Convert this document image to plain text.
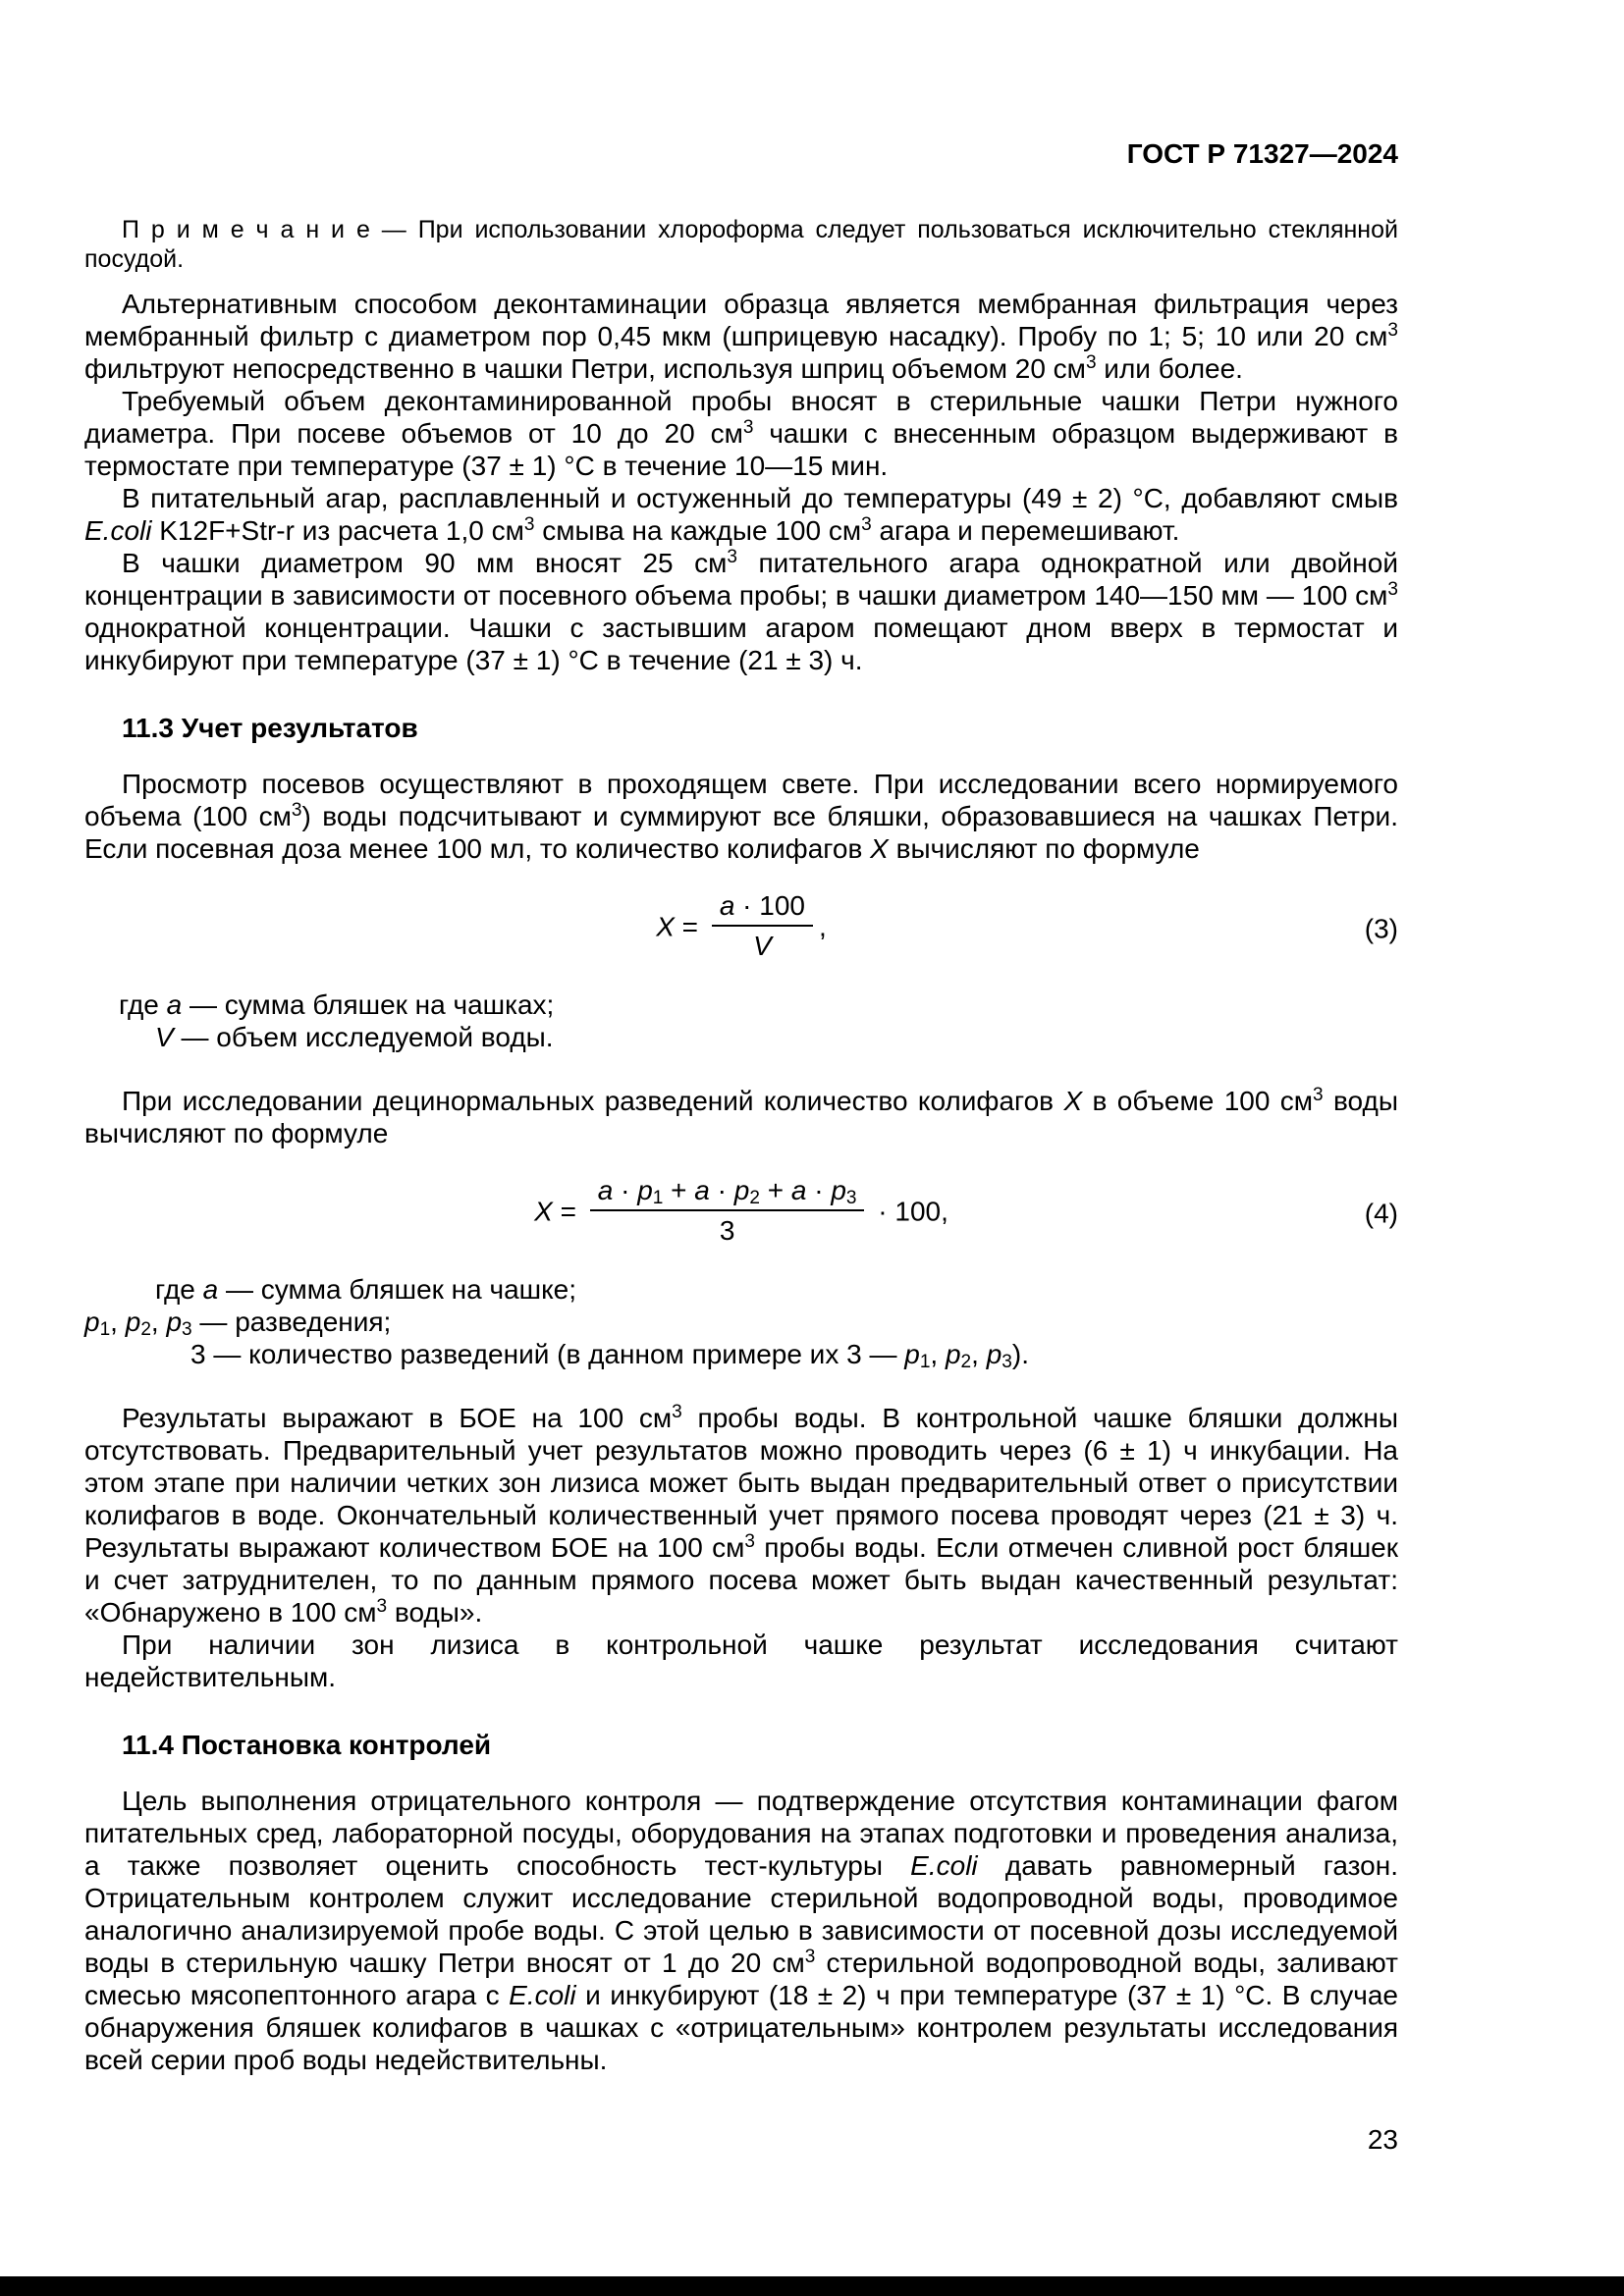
ГОСТ Р 71327—2024

П р и м е ч а н и е — При использовании хлороформа следует пользоваться исключительно стеклянной посудой.

Альтернативным способом деконтаминации образца является мембранная фильтрация через мембранный фильтр с диаметром пор 0,45 мкм (шприцевую насадку). Пробу по 1; 5; 10 или 20 $см^3$ фильтруют непосредственно в чашки Петри, используя шприц объемом 20 $см^3$ или более.

Требуемый объем деконтаминированной пробы вносят в стерильные чашки Петри нужного диаметра. При посеве объемов от 10 до 20 $см^3$ чашки с внесенным образцом выдерживают в термостате при температуре (37 ± 1) °С в течение 10—15 мин.

В питательный агар, расплавленный и остуженный до температуры (49 ± 2) °С, добавляют смыв E.coli K12F+Str-r из расчета 1,0 $см^3$ смыва на каждые 100 $см^3$ агара и перемешивают.

В чашки диаметром 90 мм вносят 25 $см^3$ питательного агара однократной или двойной концентрации в зависимости от посевного объема пробы; в чашки диаметром 140—150 мм — 100 $см^3$ однократной концентрации. Чашки с застывшим агаром помещают дном вверх в термостат и инкубируют при температуре (37 ± 1) °С в течение (21 ± 3) ч.

11.3 Учет результатов

Просмотр посевов осуществляют в проходящем свете. При исследовании всего нормируемого объема (100 $см^3$) воды подсчитывают и суммируют все бляшки, образовавшиеся на чашках Петри. Если посевная доза менее 100 мл, то количество колифагов X вычисляют по формуле

$X = \frac{a \cdot 100}{V}$ ,	(3)

где a — сумма бляшек на чашках;

V — объем исследуемой воды.

При исследовании децинормальных разведений количество колифагов X в объеме 100 $см^3$ воды вычисляют по формуле

$X = \frac{a \cdot p_1 + a \cdot p_2 + a \cdot p_3}{3} \cdot 100$,	(4)

где a — сумма бляшек на чашке;

$p_1$, $p_2$, $p_3$ — разведения;

3 — количество разведений (в данном примере их 3 — $p_1$, $p_2$, $p_3$).

Результаты выражают в БОЕ на 100 $см^3$ пробы воды. В контрольной чашке бляшки должны отсутствовать. Предварительный учет результатов можно проводить через (6 ± 1) ч инкубации. На этом этапе при наличии четких зон лизиса может быть выдан предварительный ответ о присутствии колифагов в воде. Окончательный количественный учет прямого посева проводят через (21 ± 3) ч. Результаты выражают количеством БОЕ на 100 $см^3$ пробы воды. Если отмечен сливной рост бляшек и счет затруднителен, то по данным прямого посева может быть выдан качественный результат: «Обнаружено в 100 $см^3$ воды».

При наличии зон лизиса в контрольной чашке результат исследования считают недействительным.

11.4 Постановка контролей

Цель выполнения отрицательного контроля — подтверждение отсутствия контаминации фагом питательных сред, лабораторной посуды, оборудования на этапах подготовки и проведения анализа, а также позволяет оценить способность тест-культуры E.coli давать равномерный газон. Отрицательным контролем служит исследование стерильной водопроводной воды, проводимое аналогично анализируемой пробе воды. С этой целью в зависимости от посевной дозы исследуемой воды в стерильную чашку Петри вносят от 1 до 20 $см^3$ стерильной водопроводной воды, заливают смесью мясопептонного агара с E.coli и инкубируют (18 ± 2) ч при температуре (37 ± 1) °С. В случае обнаружения бляшек колифагов в чашках с «отрицательным» контролем результаты исследования всей серии проб воды недействительны.

23
